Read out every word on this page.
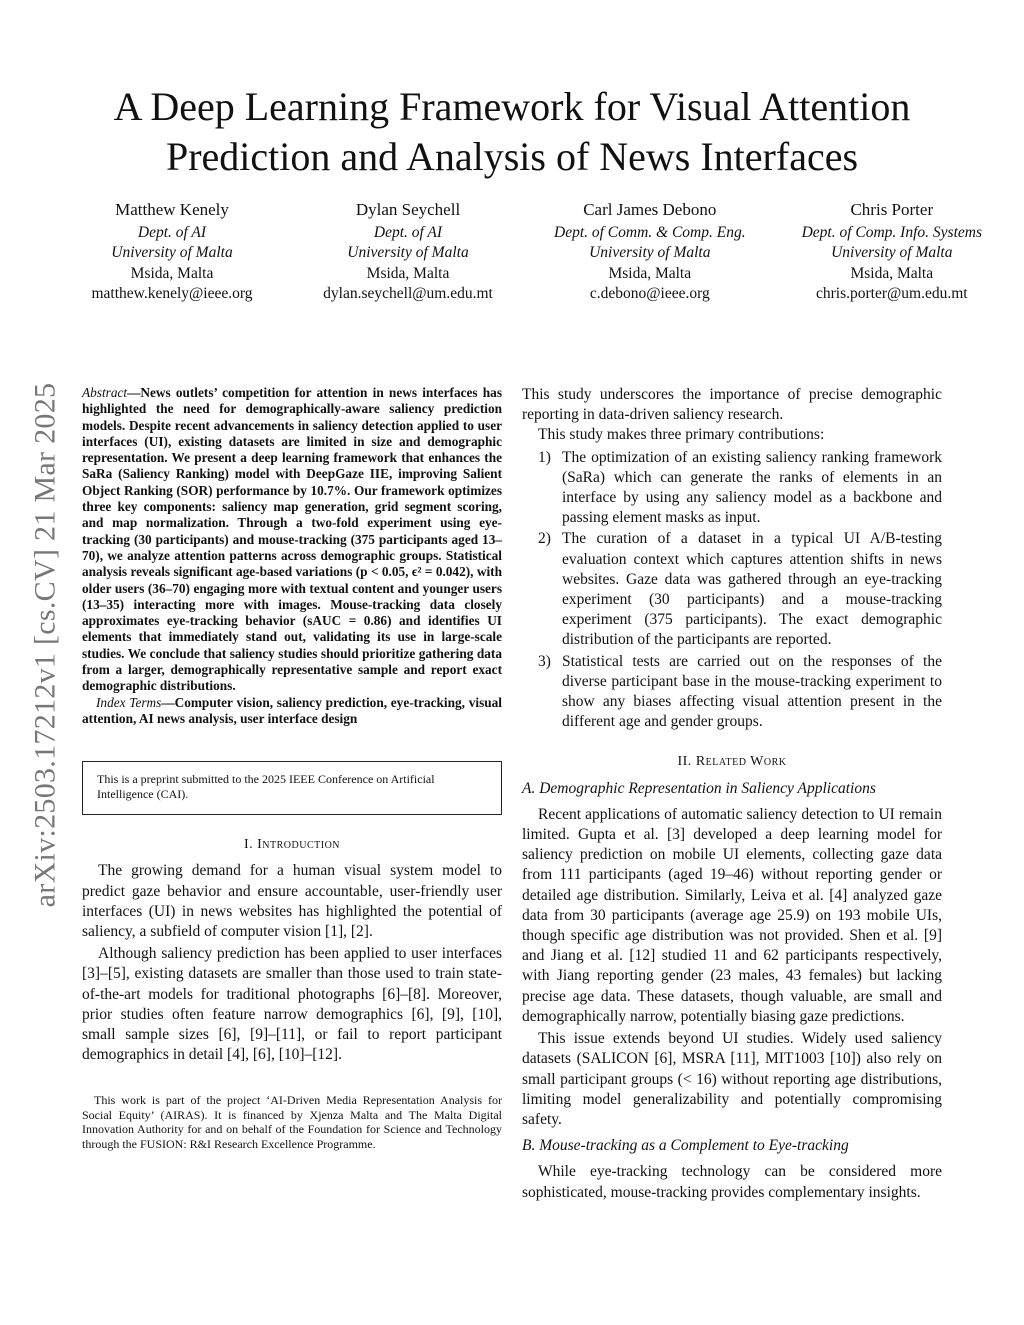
arXiv:2503.17212v1 [cs.CV] 21 Mar 2025
A Deep Learning Framework for Visual Attention
Prediction and Analysis of News Interfaces
Matthew Kenely
Dept. of AI
University of Malta
Msida, Malta
matthew.kenely@ieee.org
Dylan Seychell
Dept. of AI
University of Malta
Msida, Malta
dylan.seychell@um.edu.mt
Carl James Debono
Dept. of Comm. & Comp. Eng.
University of Malta
Msida, Malta
c.debono@ieee.org
Chris Porter
Dept. of Comp. Info. Systems
University of Malta
Msida, Malta
chris.porter@um.edu.mt

Abstract—News outlets’ competition for attention in news interfaces has highlighted the need for demographically-aware saliency prediction models. Despite recent advancements in saliency detection applied to user interfaces (UI), existing datasets are limited in size and demographic representation. We present a deep learning framework that enhances the SaRa (Saliency Ranking) model with DeepGaze IIE, improving Salient Object Ranking (SOR) performance by 10.7%. Our framework optimizes three key components: saliency map generation, grid segment scoring, and map normalization. Through a two-fold experiment using eye-tracking (30 participants) and mouse-tracking (375 participants aged 13–70), we analyze attention patterns across demographic groups. Statistical analysis reveals significant age-based variations (p < 0.05, ϵ² = 0.042), with older users (36–70) engaging more with textual content and younger users (13–35) interacting more with images. Mouse-tracking data closely approximates eye-tracking behavior (sAUC = 0.86) and identifies UI elements that immediately stand out, validating its use in large-scale studies. We conclude that saliency studies should prioritize gathering data from a larger, demographically representative sample and report exact demographic distributions.

Index Terms—Computer vision, saliency prediction, eye-tracking, visual attention, AI news analysis, user interface design

This is a preprint submitted to the 2025 IEEE Conference on Artificial Intelligence (CAI).
I. Introduction

The growing demand for a human visual system model to predict gaze behavior and ensure accountable, user-friendly user interfaces (UI) in news websites has highlighted the potential of saliency, a subfield of computer vision [1], [2].

Although saliency prediction has been applied to user interfaces [3]–[5], existing datasets are smaller than those used to train state-of-the-art models for traditional photographs [6]–[8]. Moreover, prior studies often feature narrow demographics [6], [9], [10], small sample sizes [6], [9]–[11], or fail to report participant demographics in detail [4], [6], [10]–[12].

This work is part of the project ‘AI-Driven Media Representation Analysis for Social Equity’ (AIRAS). It is financed by Xjenza Malta and The Malta Digital Innovation Authority for and on behalf of the Foundation for Science and Technology through the FUSION: R&I Research Excellence Programme.

This study underscores the importance of precise demographic reporting in data-driven saliency research.

This study makes three primary contributions:

1) The optimization of an existing saliency ranking framework (SaRa) which can generate the ranks of elements in an interface by using any saliency model as a backbone and passing element masks as input.
2) The curation of a dataset in a typical UI A/B-testing evaluation context which captures attention shifts in news websites. Gaze data was gathered through an eye-tracking experiment (30 participants) and a mouse-tracking experiment (375 participants). The exact demographic distribution of the participants are reported.
3) Statistical tests are carried out on the responses of the diverse participant base in the mouse-tracking experiment to show any biases affecting visual attention present in the different age and gender groups.
II. Related Work
A. Demographic Representation in Saliency Applications

Recent applications of automatic saliency detection to UI remain limited. Gupta et al. [3] developed a deep learning model for saliency prediction on mobile UI elements, collecting gaze data from 111 participants (aged 19–46) without reporting gender or detailed age distribution. Similarly, Leiva et al. [4] analyzed gaze data from 30 participants (average age 25.9) on 193 mobile UIs, though specific age distribution was not provided. Shen et al. [9] and Jiang et al. [12] studied 11 and 62 participants respectively, with Jiang reporting gender (23 males, 43 females) but lacking precise age data. These datasets, though valuable, are small and demographically narrow, potentially biasing gaze predictions.

This issue extends beyond UI studies. Widely used saliency datasets (SALICON [6], MSRA [11], MIT1003 [10]) also rely on small participant groups (< 16) without reporting age distributions, limiting model generalizability and potentially compromising safety.

B. Mouse-tracking as a Complement to Eye-tracking

While eye-tracking technology can be considered more sophisticated, mouse-tracking provides complementary insights.
